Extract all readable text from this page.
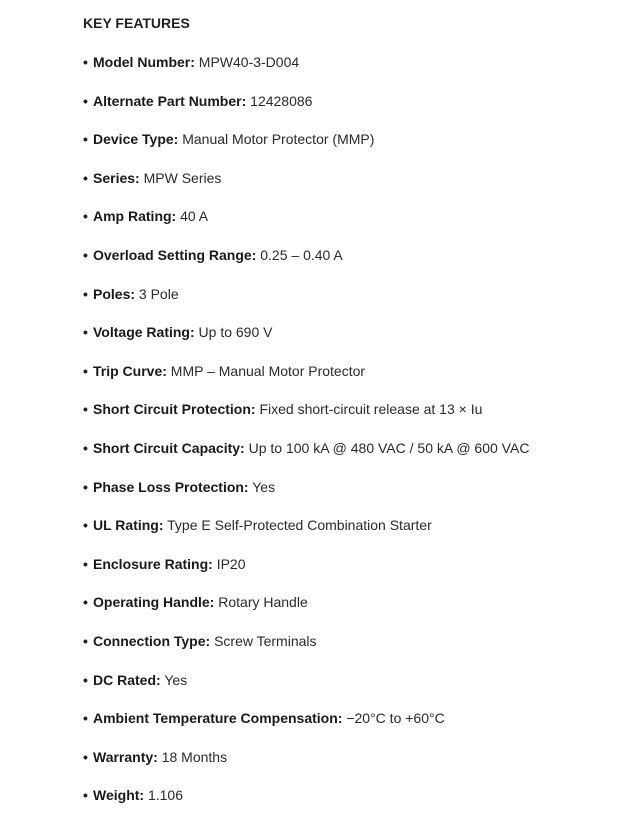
KEY FEATURES
• Model Number: MPW40-3-D004
• Alternate Part Number: 12428086
• Device Type: Manual Motor Protector (MMP)
• Series: MPW Series
• Amp Rating: 40 A
• Overload Setting Range: 0.25 – 0.40 A
• Poles: 3 Pole
• Voltage Rating: Up to 690 V
• Trip Curve: MMP – Manual Motor Protector
• Short Circuit Protection: Fixed short-circuit release at 13 × Iu
• Short Circuit Capacity: Up to 100 kA @ 480 VAC / 50 kA @ 600 VAC
• Phase Loss Protection: Yes
• UL Rating: Type E Self-Protected Combination Starter
• Enclosure Rating: IP20
• Operating Handle: Rotary Handle
• Connection Type: Screw Terminals
• DC Rated: Yes
• Ambient Temperature Compensation: −20°C to +60°C
• Warranty: 18 Months
• Weight: 1.106
